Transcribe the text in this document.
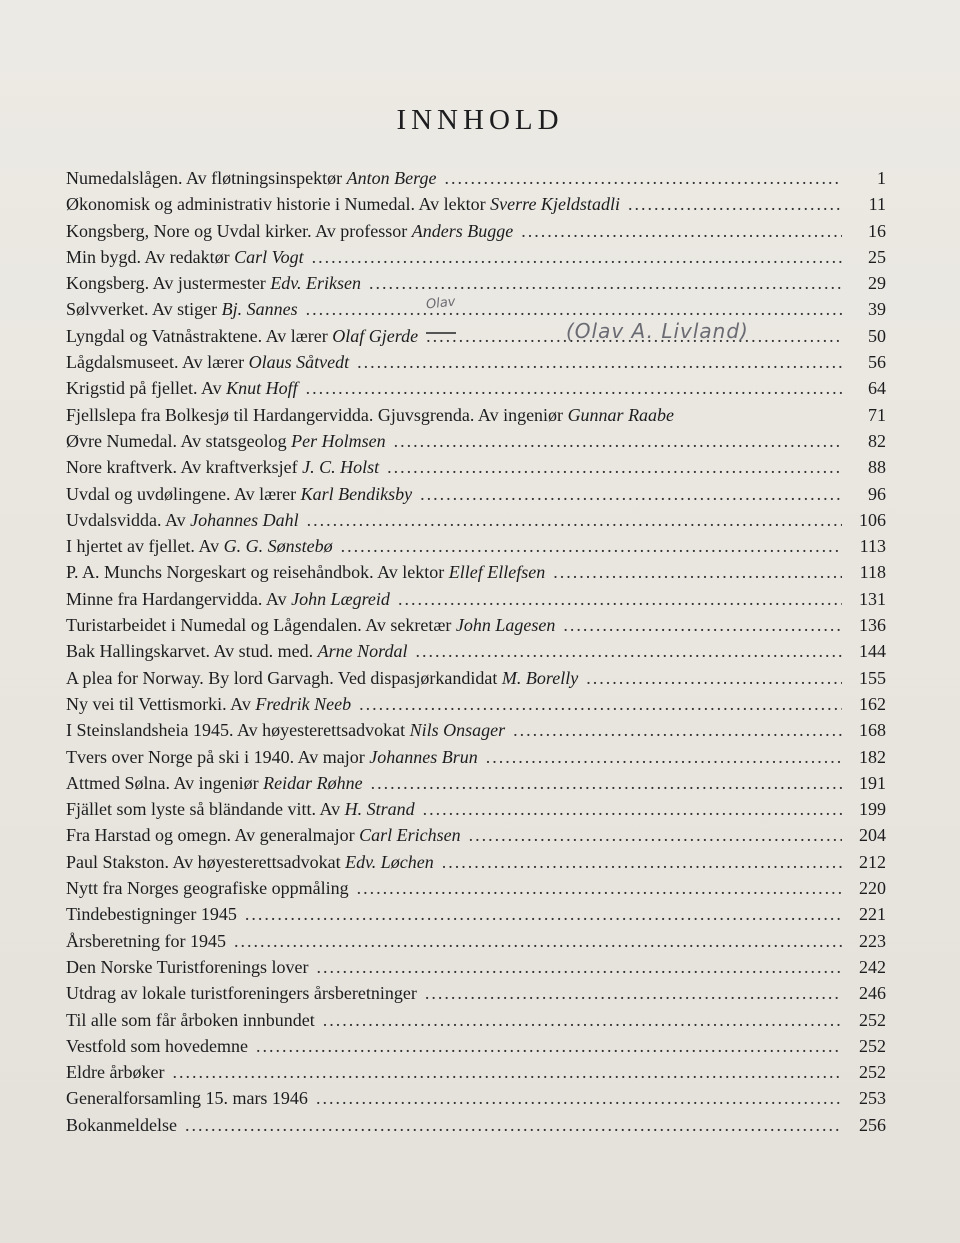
INNHOLD
Numedalslågen. Av fløtningsinspektør Anton Berge .....	1
Økonomisk og administrativ historie i Numedal. Av lektor Sverre Kjeldstadli .....	11
Kongsberg, Nore og Uvdal kirker. Av professor Anders Bugge .....	16
Min bygd. Av redaktør Carl Vogt .....	25
Kongsberg. Av justermester Edv. Eriksen .....	29
Sølvverket. Av stiger Bj. Sannes .....	39
Lyngdal og Vatnåstraktene. Av lærer Olaf Gjerde .....	50
Lågdalsmuseet. Av lærer Olaus Såtvedt .....	56
Krigstid på fjellet. Av Knut Hoff .....	64
Fjellslepa fra Bolkesjø til Hardangervidda. Gjuvsgrenda. Av ingeniør Gunnar Raabe	71
Øvre Numedal. Av statsgeolog Per Holmsen .....	82
Nore kraftverk. Av kraftverksjef J. C. Holst .....	88
Uvdal og uvdølingene. Av lærer Karl Bendiksby .....	96
Uvdalsvidda. Av Johannes Dahl .....	106
I hjertet av fjellet. Av G. G. Sønstebø .....	113
P. A. Munchs Norgeskart og reisehåndbok. Av lektor Ellef Ellefsen .....	118
Minne fra Hardangervidda. Av John Lægreid .....	131
Turistarbeidet i Numedal og Lågendalen. Av sekretær John Lagesen .....	136
Bak Hallingskarvet. Av stud. med. Arne Nordal .....	144
A plea for Norway. By lord Garvagh. Ved dispasjørkandidat M. Borelly .....	155
Ny vei til Vettismorki. Av Fredrik Neeb .....	162
I Steinslandsheia 1945. Av høyesterettsadvokat Nils Onsager .....	168
Tvers over Norge på ski i 1940. Av major Johannes Brun .....	182
Attmed Sølna. Av ingeniør Reidar Røhne .....	191
Fjället som lyste så bländande vitt. Av H. Strand .....	199
Fra Harstad og omegn. Av generalmajor Carl Erichsen .....	204
Paul Stakston. Av høyesterettsadvokat Edv. Løchen .....	212
Nytt fra Norges geografiske oppmåling .....	220
Tindebestigninger 1945 .....	221
Årsberetning for 1945 .....	223
Den Norske Turistforenings lover .....	242
Utdrag av lokale turistforeningers årsberetninger .....	246
Til alle som får årboken innbundet .....	252
Vestfold som hovedemne .....	252
Eldre årbøker .....	252
Generalforsamling 15. mars 1946 .....	253
Bokanmeldelse .....	256
Olav
(Olav A. Livland)
